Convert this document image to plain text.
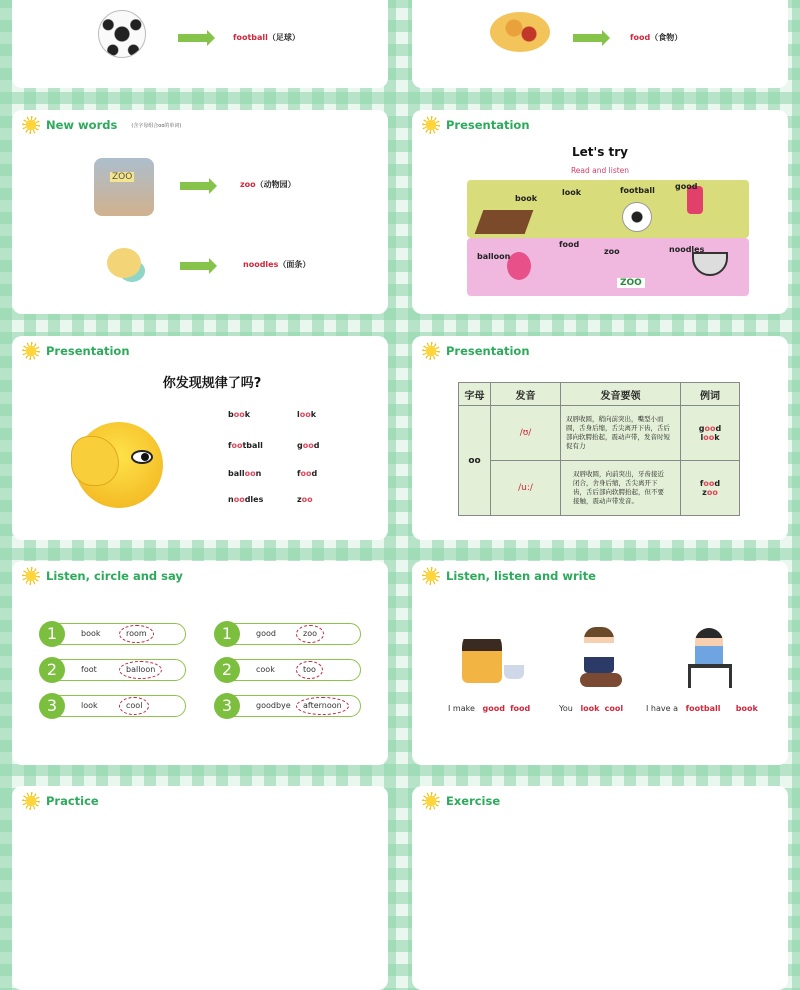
football（足球）	food（食物）
New words	(含字母组合oo的单词)
ZOO
zoo（动物园）
noodles（面条）
Presentation
Let's try
Read and listen
ZOO
book
look	football	good
balloon
food
zoo	noodles
Presentation
你发现规律了吗?
book	look
football	good
balloon	food
noodles	zoo
Presentation
字母	发音	发音要领	例词
oo	/ʊ/	双唇收圆，稍向前突出，嘴型小而圆，舌身后缩，舌尖离开下齿，舌后部向软腭抬起，震动声带，发音时短促有力	good
look

	/u:/	双唇收圆，向前突出，牙齿接近闭合，舍身后缩，舌尖离开下齿，舌后部向软腭抬起，但不要接触，震动声带发音。	food
zoo
Listen, circle and say
1	book	room
2	foot	balloon
3	look	cool
1	good	zoo
2	cook	too
3	goodbye	afternoon
Listen, listen and write
I make good food	You look cool	I have a football book
Practice	Exercise
